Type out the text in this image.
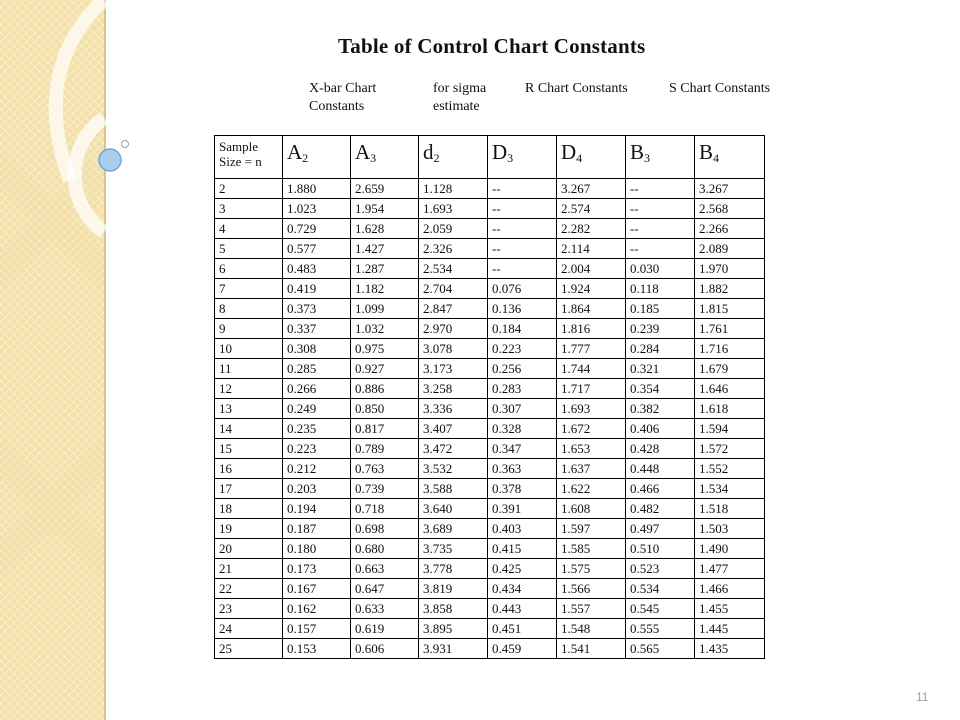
Table of Control Chart Constants
X-bar Chart
Constants
for sigma
estimate
R Chart Constants	S Chart Constants
Sample
Size = n	$A_2$	$A_3$	$d_2$	$D_3$	$D_4$	$B_3$	$B_4$
2	1.880	2.659	1.128	--	3.267	--	3.267
3	1.023	1.954	1.693	--	2.574	--	2.568
4	0.729	1.628	2.059	--	2.282	--	2.266
5	0.577	1.427	2.326	--	2.114	--	2.089
6	0.483	1.287	2.534	--	2.004	0.030	1.970
7	0.419	1.182	2.704	0.076	1.924	0.118	1.882
8	0.373	1.099	2.847	0.136	1.864	0.185	1.815
9	0.337	1.032	2.970	0.184	1.816	0.239	1.761
10	0.308	0.975	3.078	0.223	1.777	0.284	1.716
11	0.285	0.927	3.173	0.256	1.744	0.321	1.679
12	0.266	0.886	3.258	0.283	1.717	0.354	1.646
13	0.249	0.850	3.336	0.307	1.693	0.382	1.618
14	0.235	0.817	3.407	0.328	1.672	0.406	1.594
15	0.223	0.789	3.472	0.347	1.653	0.428	1.572
16	0.212	0.763	3.532	0.363	1.637	0.448	1.552
17	0.203	0.739	3.588	0.378	1.622	0.466	1.534
18	0.194	0.718	3.640	0.391	1.608	0.482	1.518
19	0.187	0.698	3.689	0.403	1.597	0.497	1.503
20	0.180	0.680	3.735	0.415	1.585	0.510	1.490
21	0.173	0.663	3.778	0.425	1.575	0.523	1.477
22	0.167	0.647	3.819	0.434	1.566	0.534	1.466
23	0.162	0.633	3.858	0.443	1.557	0.545	1.455
24	0.157	0.619	3.895	0.451	1.548	0.555	1.445
25	0.153	0.606	3.931	0.459	1.541	0.565	1.435
11
